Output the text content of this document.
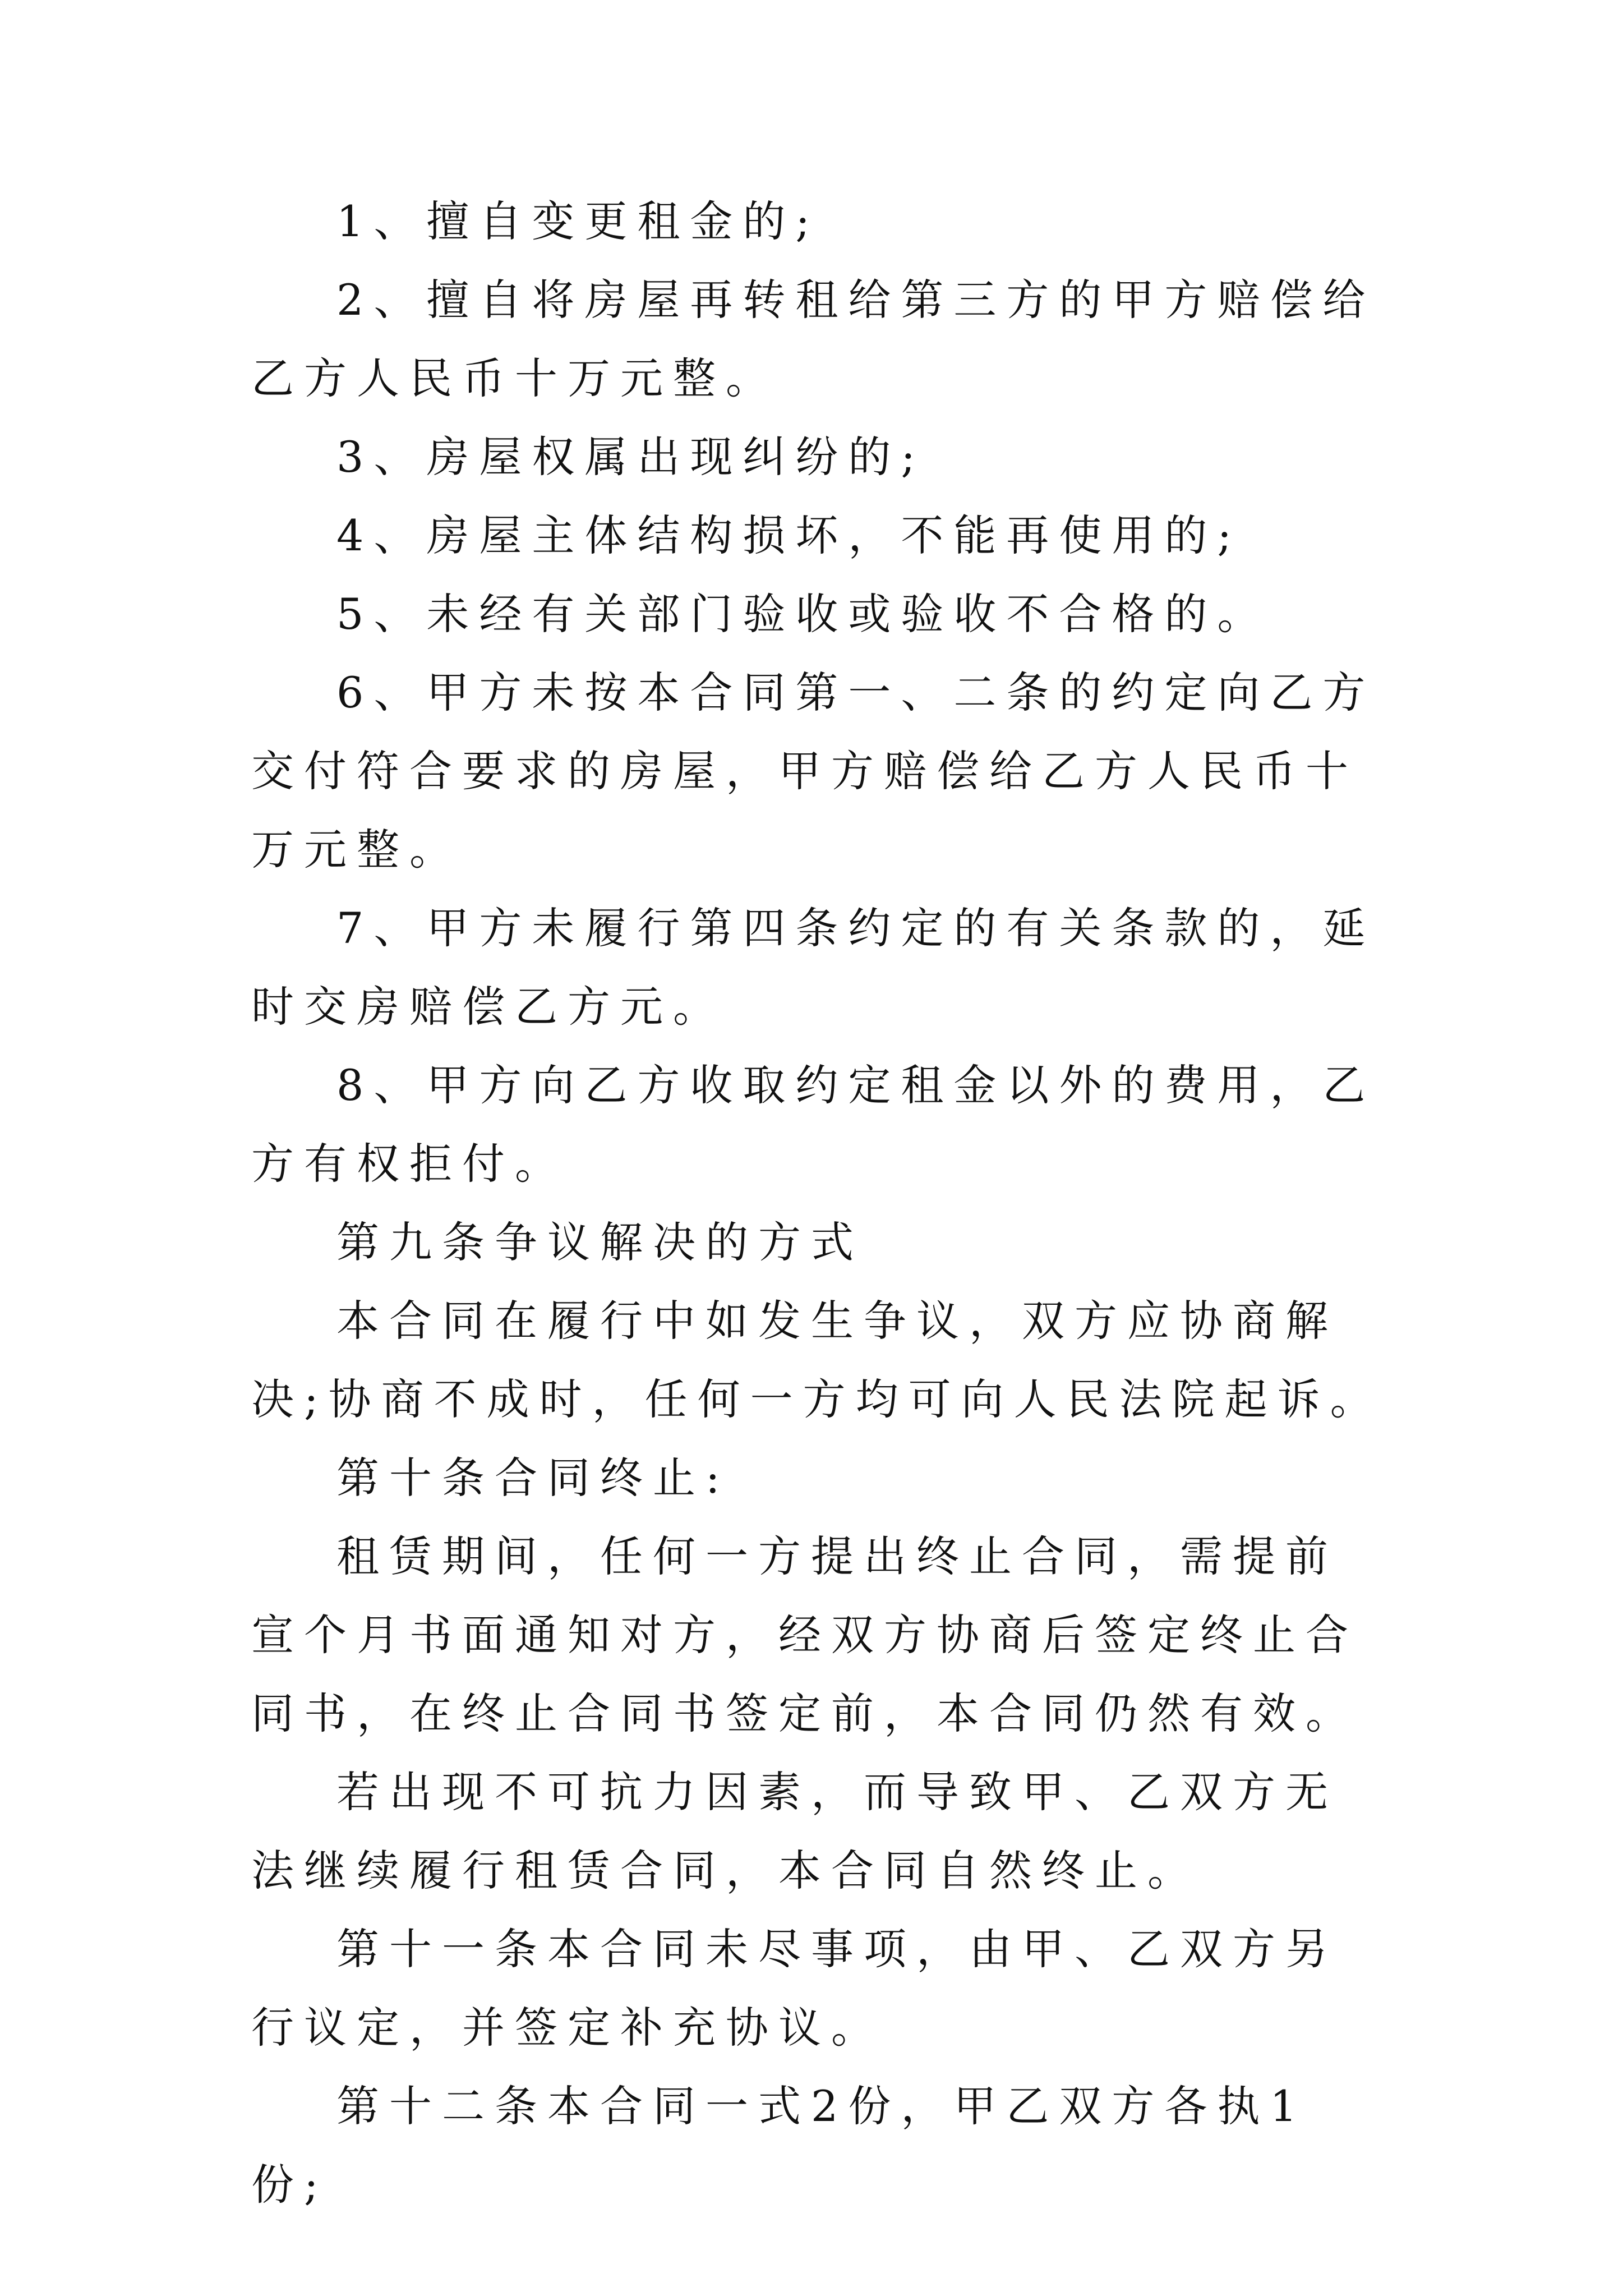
1、擅自变更租金的;

2、擅自将房屋再转租给第三方的甲方赔偿给乙方人民币十万元整。

3、房屋权属出现纠纷的;

4、房屋主体结构损坏，不能再使用的;

5、未经有关部门验收或验收不合格的。

6、甲方未按本合同第一、二条的约定向乙方交付符合要求的房屋，甲方赔偿给乙方人民币十万元整。

7、甲方未履行第四条约定的有关条款的，延时交房赔偿乙方元。

8、甲方向乙方收取约定租金以外的费用，乙方有权拒付。

第九条争议解决的方式

本合同在履行中如发生争议，双方应协商解决;协商不成时，任何一方均可向人民法院起诉。

第十条合同终止:

租赁期间，任何一方提出终止合同，需提前宣个月书面通知对方，经双方协商后签定终止合同书，在终止合同书签定前，本合同仍然有效。

若出现不可抗力因素，而导致甲、乙双方无法继续履行租赁合同，本合同自然终止。

第十一条本合同未尽事项，由甲、乙双方另行议定，并签定补充协议。

第十二条本合同一式2份，甲乙双方各执1份;
